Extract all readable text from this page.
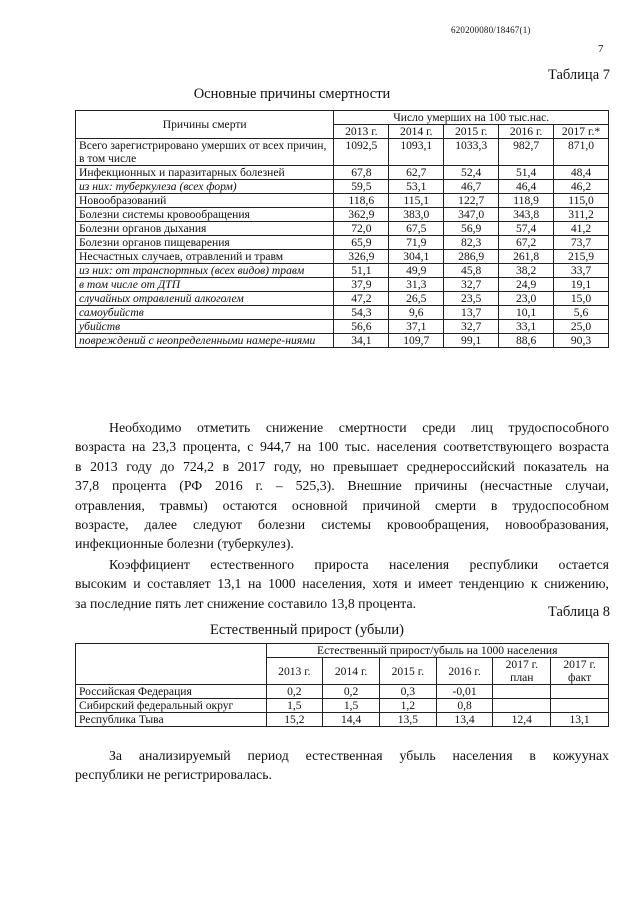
620200080/18467(1)
7
Таблица 7
Основные причины смертности
Причины смерти	Число умерших на 100 тыс.нас.				
	2013 г.	2014 г.	2015 г.	2016 г.	2017 г.*
Всего зарегистрировано умерших от всех причин, в том числе	1092,5	1093,1	1033,3	982,7	871,0
Инфекционных и паразитарных болезней	67,8	62,7	52,4	51,4	48,4
из них: туберкулеза (всех форм)	59,5	53,1	46,7	46,4	46,2
Новообразований	118,6	115,1	122,7	118,9	115,0
Болезни системы кровообращения	362,9	383,0	347,0	343,8	311,2
Болезни органов дыхания	72,0	67,5	56,9	57,4	41,2
Болезни органов пищеварения	65,9	71,9	82,3	67,2	73,7
Несчастных случаев, отравлений и травм	326,9	304,1	286,9	261,8	215,9
из них: от транспортных (всех видов) травм	51,1	49,9	45,8	38,2	33,7
в том числе от ДТП	37,9	31,3	32,7	24,9	19,1
случайных отравлений алкоголем	47,2	26,5	23,5	23,0	15,0
самоубийств	54,3	9,6	13,7	10,1	5,6
убийств	56,6	37,1	32,7	33,1	25,0
повреждений с неопределенными намере-ниями	34,1	109,7	99,1	88,6	90,3
Необходимо отметить снижение смертности среди лиц трудоспособного
возраста на 23,3 процента, с 944,7 на 100 тыс. населения соответствующего возраста
в 2013 году до 724,2 в 2017 году, но превышает среднероссийский показатель на
37,8 процента (РФ 2016 г. – 525,3). Внешние причины (несчастные случаи,
отравления, травмы) остаются основной причиной смерти в трудоспособном
возрасте, далее следуют болезни системы кровообращения, новообразования,
инфекционные болезни (туберкулез).
Коэффициент естественного прироста населения республики остается
высоким и составляет 13,1 на 1000 населения, хотя и имеет тенденцию к снижению,
за последние пять лет снижение составило 13,8 процента.
Таблица 8
Естественный прирост (убыли)
	Естественный прирост/убыль на 1000 населения					
	2013 г.	2014 г.	2015 г.	2016 г.	2017 г. план	2017 г. факт
Российская Федерация	0,2	0,2	0,3	-0,01		
Сибирский федеральный округ	1,5	1,5	1,2	0,8		
Республика Тыва	15,2	14,4	13,5	13,4	12,4	13,1
За анализируемый период естественная убыль населения в кожуунах
республики не регистрировалась.
